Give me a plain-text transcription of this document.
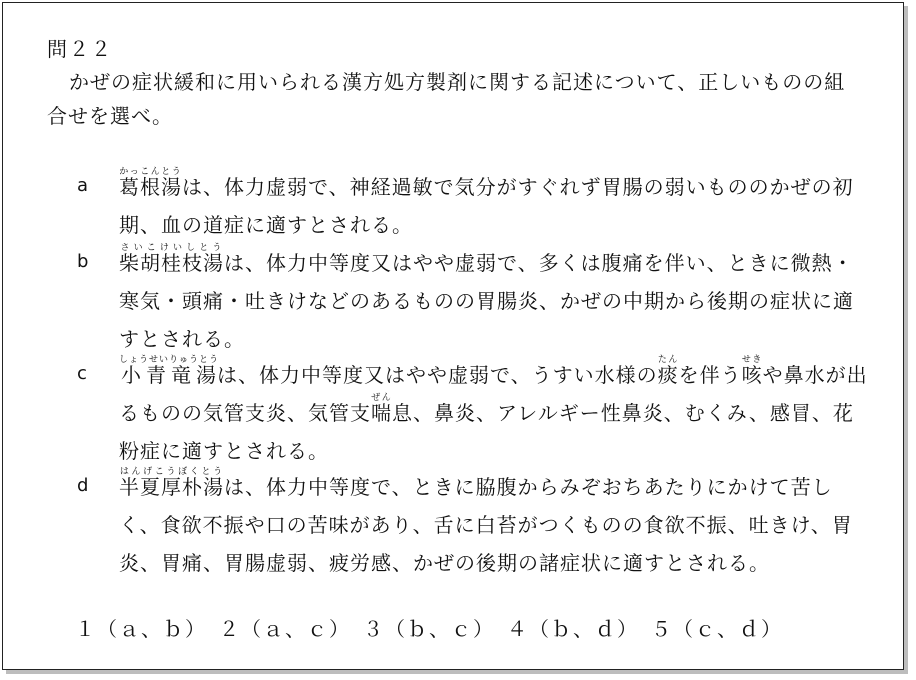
問２２
かぜの症状緩和に用いられる漢方処方製剤に関する記述について、正しいものの組合せを選べ。
a	葛根湯かっこんとうは、体力虚弱で、神経過敏で気分がすぐれず胃腸の弱いもののかぜの初期、血の道症に適すとされる。
b	柴胡桂枝湯さいこけいしとうは、体力中等度又はやや虚弱で、多くは腹痛を伴い、ときに微熱・寒気・頭痛・吐きけなどのあるものの胃腸炎、かぜの中期から後期の症状に適すとされる。
c	小青竜湯しょうせいりゅうとうは、体力中等度又はやや虚弱で、うすい水様の痰たんを伴う咳せきや鼻水が出るものの気管支炎、気管支喘ぜん息、鼻炎、アレルギー性鼻炎、むくみ、感冒、花粉症に適すとされる。
d	半夏厚朴湯はんげこうぼくとうは、体力中等度で、ときに脇腹からみぞおちあたりにかけて苦しく、食欲不振や口の苦味があり、舌に白苔がつくものの食欲不振、吐きけ、胃炎、胃痛、胃腸虚弱、疲労感、かぜの後期の諸症状に適すとされる。
１（ａ、ｂ）　２（ａ、ｃ）　３（ｂ、ｃ）　４（ｂ、ｄ）　５（ｃ、ｄ）
